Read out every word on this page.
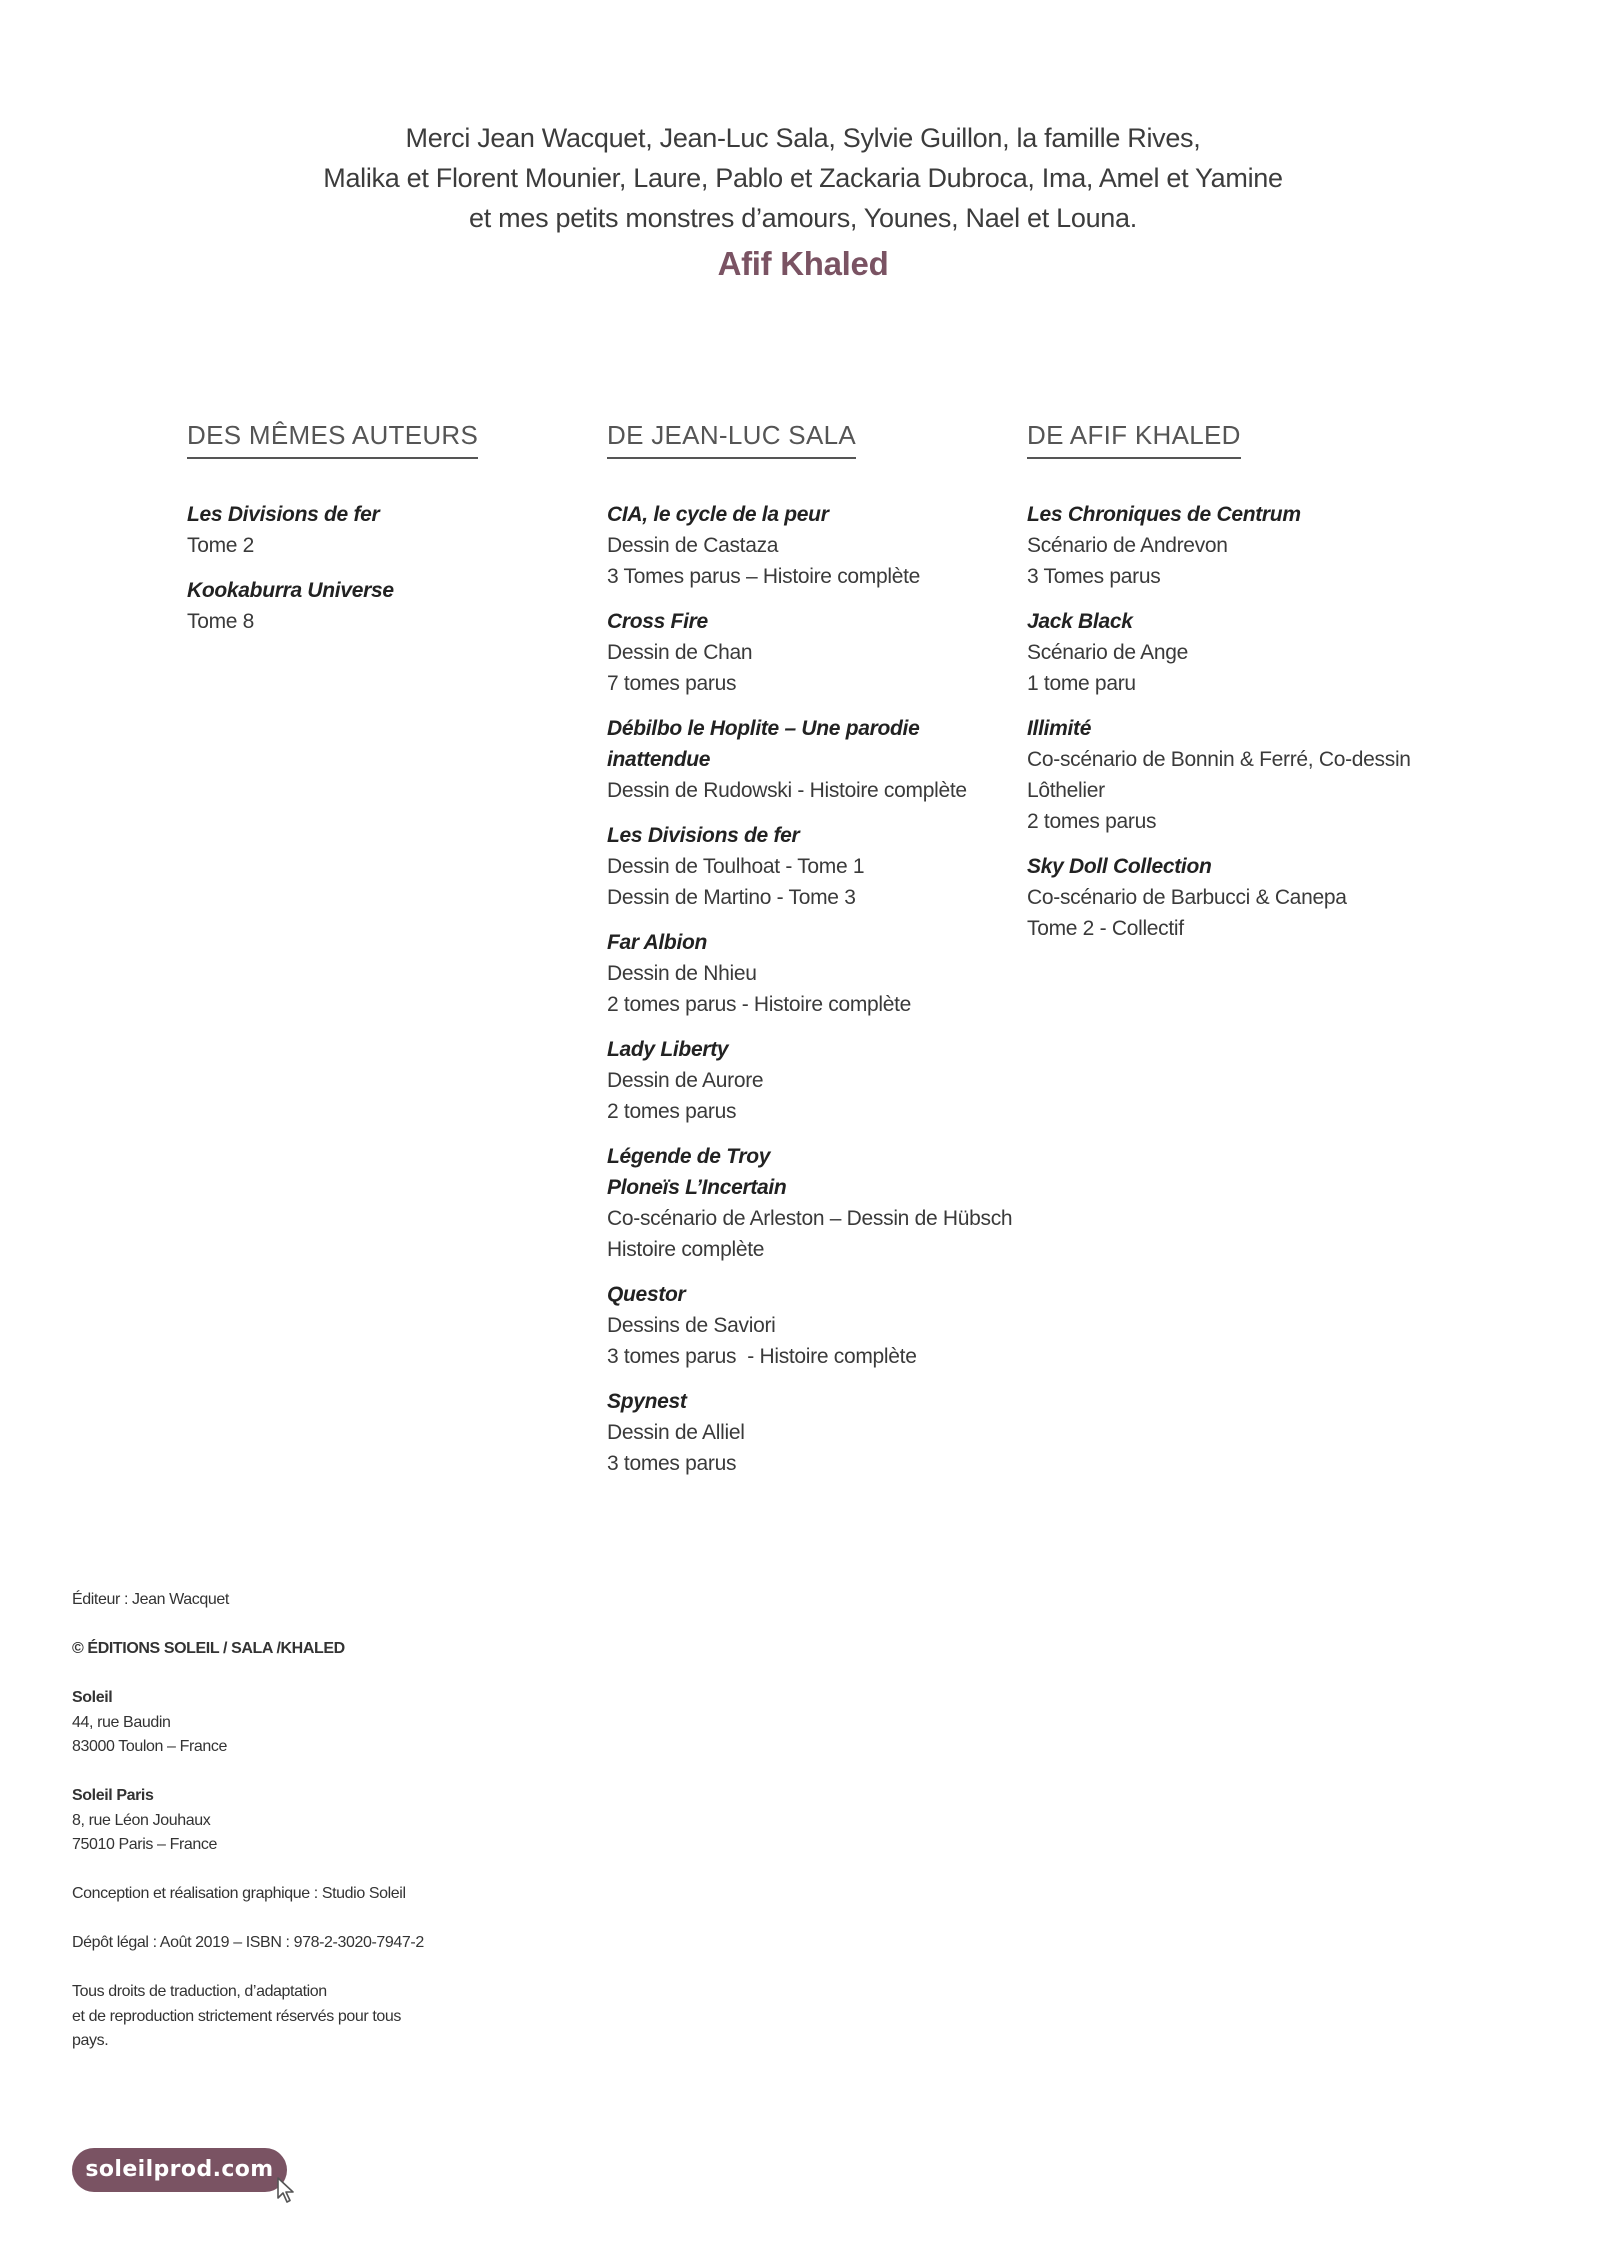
Merci Jean Wacquet, Jean-Luc Sala, Sylvie Guillon, la famille Rives,
Malika et Florent Mounier, Laure, Pablo et Zackaria Dubroca, Ima, Amel et Yamine
et mes petits monstres d’amours, Younes, Nael et Louna.
Afif Khaled
DES MÊMES AUTEURS
Les Divisions de fer
Tome 2
Kookaburra Universe
Tome 8
DE JEAN-LUC SALA
CIA, le cycle de la peur
Dessin de Castaza
3 Tomes parus – Histoire complète
Cross Fire
Dessin de Chan
7 tomes parus
Débilbo le Hoplite – Une parodie inattendue
Dessin de Rudowski - Histoire complète
Les Divisions de fer
Dessin de Toulhoat - Tome 1
Dessin de Martino - Tome 3
Far Albion
Dessin de Nhieu
2 tomes parus - Histoire complète
Lady Liberty
Dessin de Aurore
2 tomes parus
Légende de Troy
Ploneïs L’Incertain
Co-scénario de Arleston – Dessin de Hübsch
Histoire complète
Questor
Dessins de Saviori
3 tomes parus  - Histoire complète
Spynest
Dessin de Alliel
3 tomes parus
DE AFIF KHALED
Les Chroniques de Centrum
Scénario de Andrevon
3 Tomes parus
Jack Black
Scénario de Ange
1 tome paru
Illimité
Co-scénario de Bonnin & Ferré, Co-dessin Lôthelier
2 tomes parus
Sky Doll Collection
Co-scénario de Barbucci & Canepa
Tome 2 - Collectif
Éditeur : Jean Wacquet
© ÉDITIONS SOLEIL / SALA /KHALED
Soleil
44, rue Baudin
83000 Toulon – France
Soleil Paris
8, rue Léon Jouhaux
75010 Paris – France
Conception et réalisation graphique : Studio Soleil
Dépôt légal : Août 2019 – ISBN : 978-2-3020-7947-2
Tous droits de traduction, d’adaptation
et de reproduction strictement réservés pour tous
pays.
soleilprod.com
